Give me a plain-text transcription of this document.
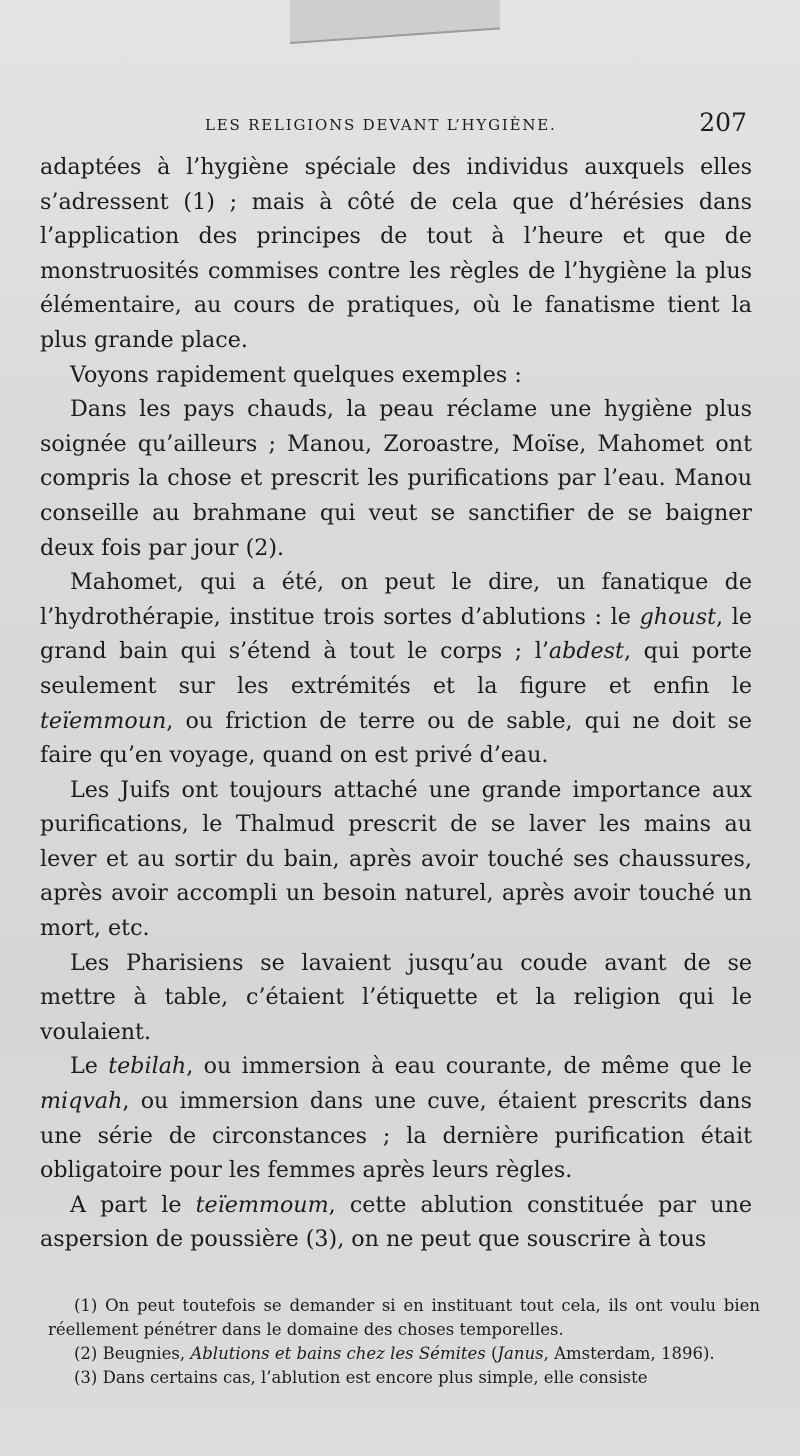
LES RELIGIONS DEVANT L’HYGIÈNE.	207

adaptées à l’hygiène spéciale des individus auxquels elles s’adressent (1) ; mais à côté de cela que d’hérésies dans l’application des principes de tout à l’heure et que de monstruosités commises contre les règles de l’hygiène la plus élémentaire, au cours de pratiques, où le fanatisme tient la plus grande place.

Voyons rapidement quelques exemples :

Dans les pays chauds, la peau réclame une hygiène plus soignée qu’ailleurs ; Manou, Zoroastre, Moïse, Mahomet ont compris la chose et prescrit les purifications par l’eau. Manou conseille au brahmane qui veut se sanctifier de se baigner deux fois par jour (2).

Mahomet, qui a été, on peut le dire, un fanatique de l’hydrothérapie, institue trois sortes d’ablutions : le ghoust, le grand bain qui s’étend à tout le corps ; l’abdest, qui porte seulement sur les extrémités et la figure et enfin le teïemmoun, ou friction de terre ou de sable, qui ne doit se faire qu’en voyage, quand on est privé d’eau.

Les Juifs ont toujours attaché une grande importance aux purifications, le Thalmud prescrit de se laver les mains au lever et au sortir du bain, après avoir touché ses chaussures, après avoir accompli un besoin naturel, après avoir touché un mort, etc.

Les Pharisiens se lavaient jusqu’au coude avant de se mettre à table, c’étaient l’étiquette et la religion qui le voulaient.

Le tebilah, ou immersion à eau courante, de même que le miqvah, ou immersion dans une cuve, étaient prescrits dans une série de circonstances ; la dernière purification était obligatoire pour les femmes après leurs règles.

A part le teïemmoum, cette ablution constituée par une aspersion de poussière (3), on ne peut que souscrire à tous

(1) On peut toutefois se demander si en instituant tout cela, ils ont voulu bien réellement pénétrer dans le domaine des choses temporelles.

(2) Beugnies, Ablutions et bains chez les Sémites (Janus, Amsterdam, 1896).

(3) Dans certains cas, l’ablution est encore plus simple, elle consiste
